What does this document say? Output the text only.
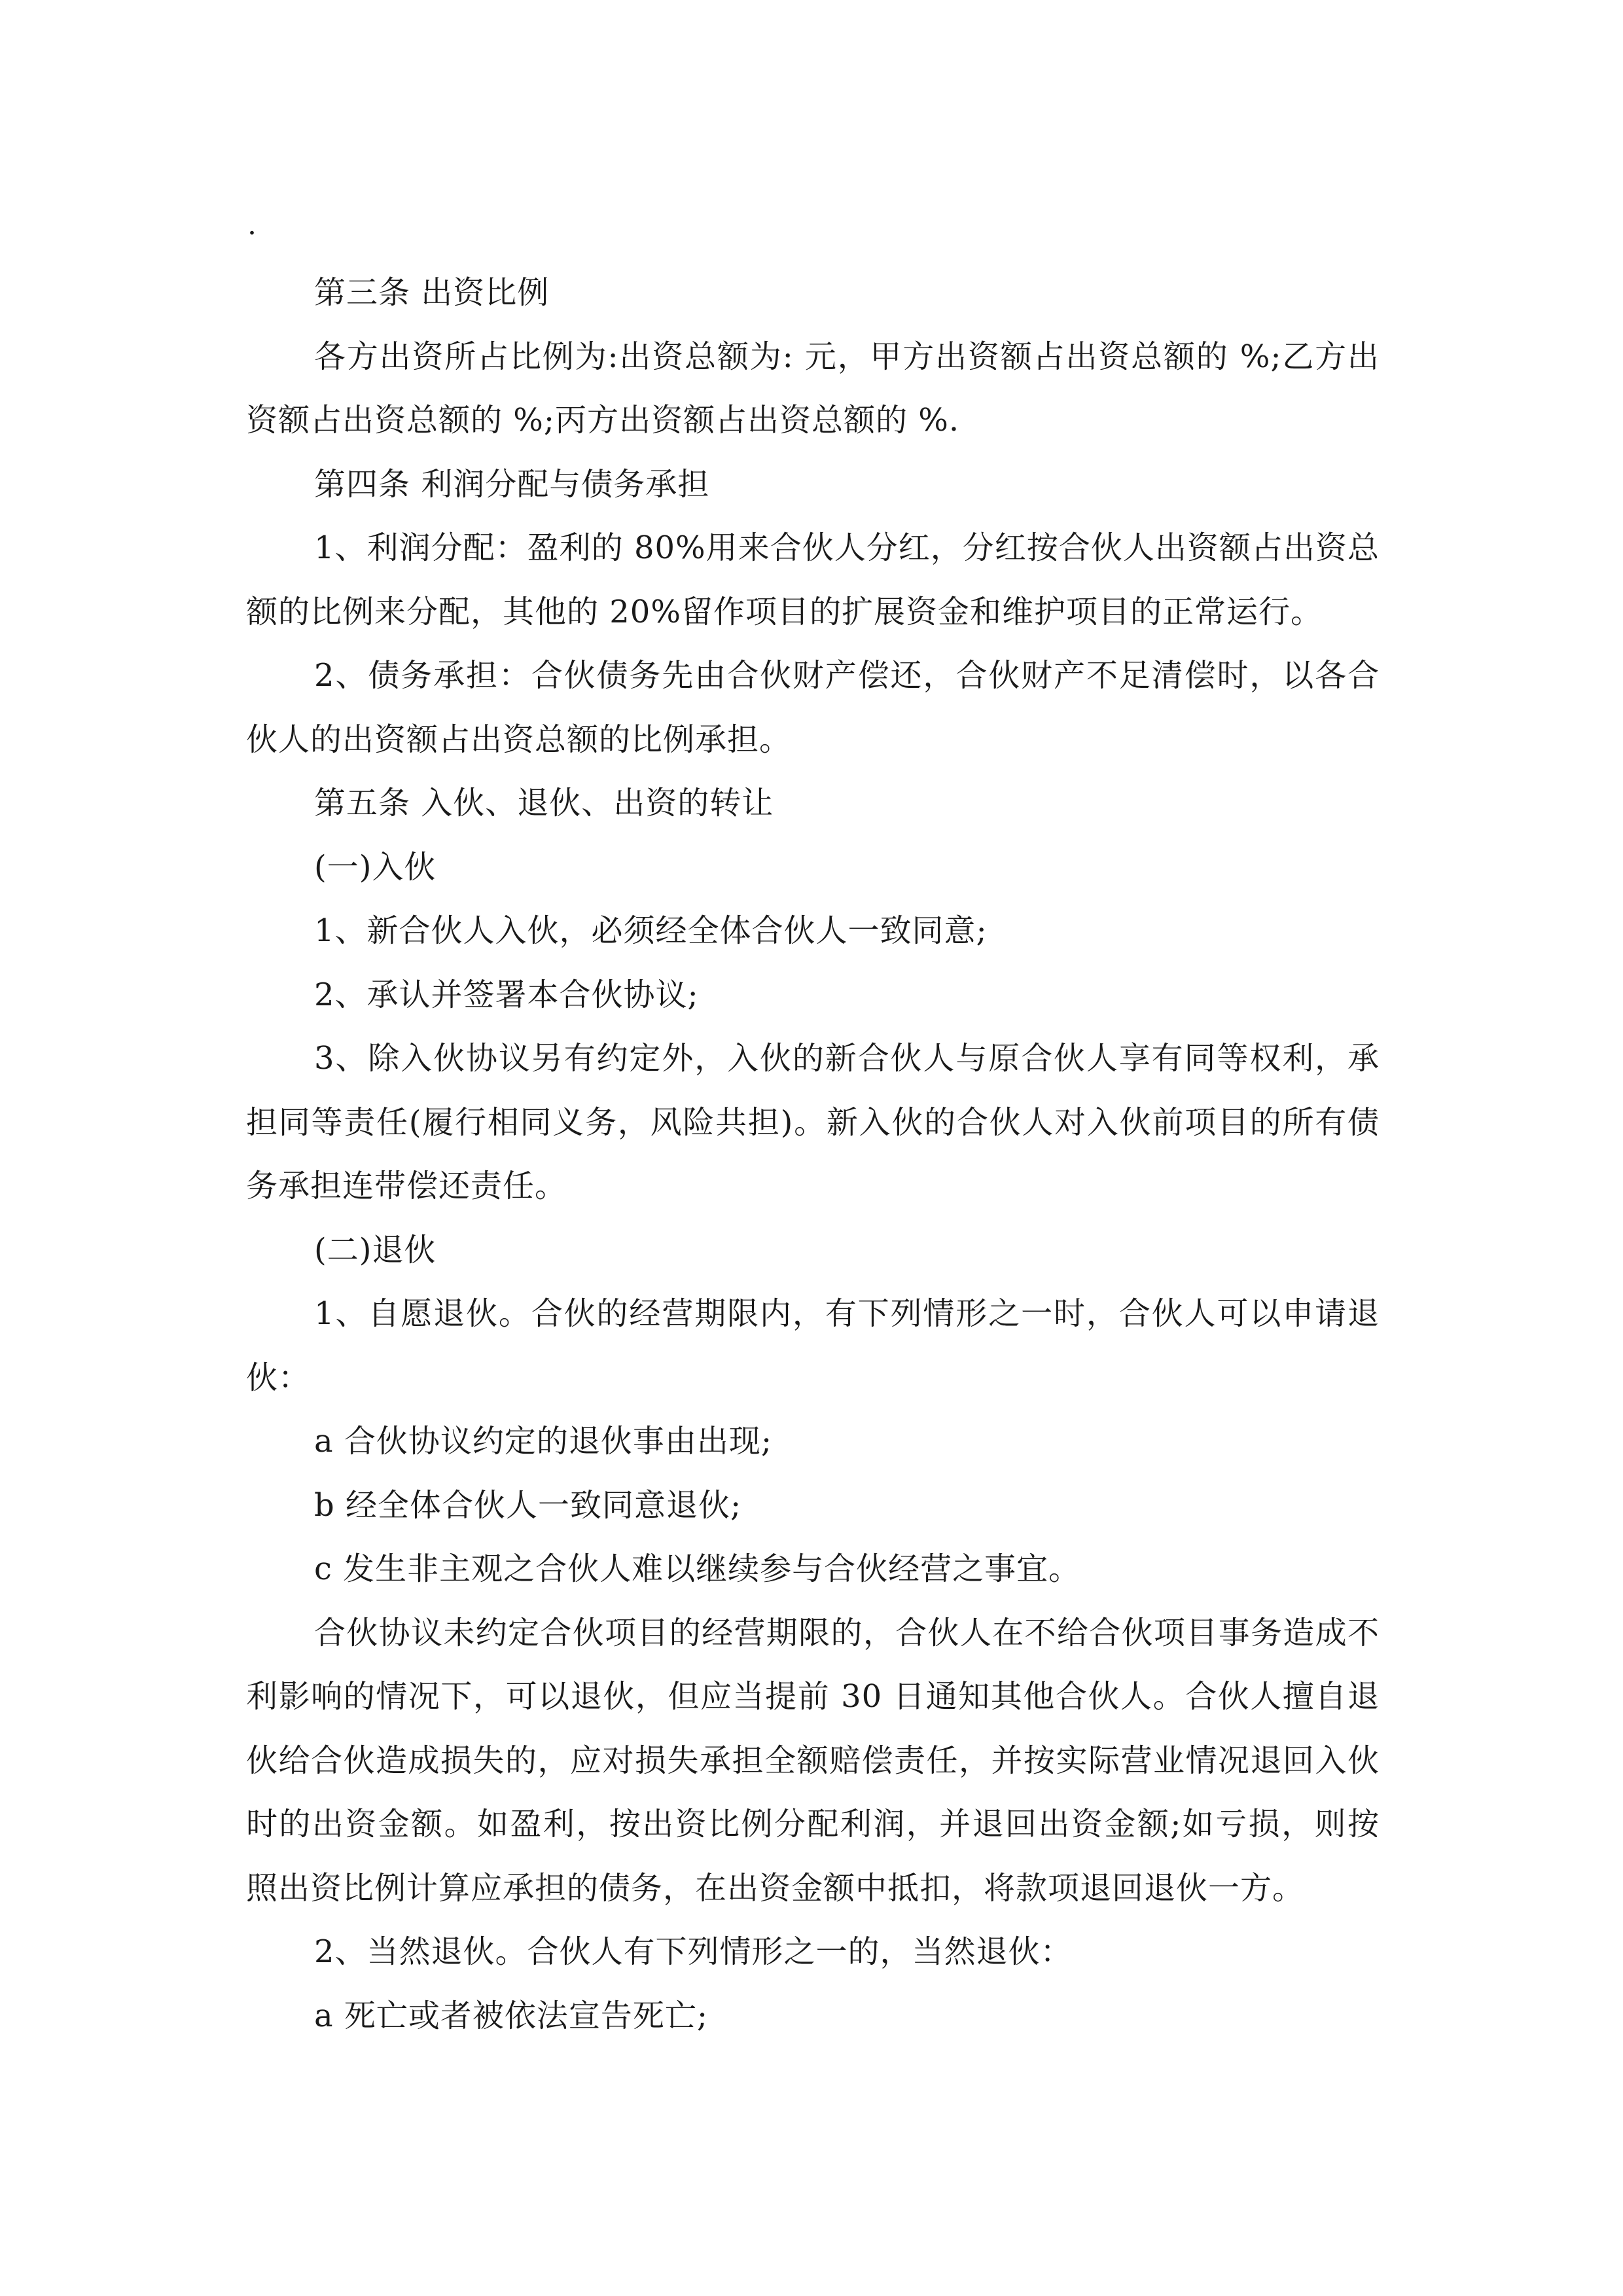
.

第三条 出资比例

各方出资所占比例为:出资总额为: 元，甲方出资额占出资总额的 %;乙方出资额占出资总额的 %;丙方出资额占出资总额的 %.

第四条 利润分配与债务承担

1、利润分配：盈利的 80%用来合伙人分红，分红按合伙人出资额占出资总额的比例来分配，其他的 20%留作项目的扩展资金和维护项目的正常运行。

2、债务承担：合伙债务先由合伙财产偿还，合伙财产不足清偿时，以各合伙人的出资额占出资总额的比例承担。

第五条 入伙、退伙、出资的转让

(一)入伙

1、新合伙人入伙，必须经全体合伙人一致同意;

2、承认并签署本合伙协议;

3、除入伙协议另有约定外，入伙的新合伙人与原合伙人享有同等权利，承担同等责任(履行相同义务，风险共担)。新入伙的合伙人对入伙前项目的所有债务承担连带偿还责任。

(二)退伙

1、自愿退伙。合伙的经营期限内，有下列情形之一时，合伙人可以申请退伙：

a 合伙协议约定的退伙事由出现;

b 经全体合伙人一致同意退伙;

c 发生非主观之合伙人难以继续参与合伙经营之事宜。

合伙协议未约定合伙项目的经营期限的，合伙人在不给合伙项目事务造成不利影响的情况下，可以退伙，但应当提前 30 日通知其他合伙人。合伙人擅自退伙给合伙造成损失的，应对损失承担全额赔偿责任，并按实际营业情况退回入伙时的出资金额。如盈利，按出资比例分配利润，并退回出资金额;如亏损，则按照出资比例计算应承担的债务，在出资金额中抵扣，将款项退回退伙一方。

2、当然退伙。合伙人有下列情形之一的，当然退伙：

a 死亡或者被依法宣告死亡;
